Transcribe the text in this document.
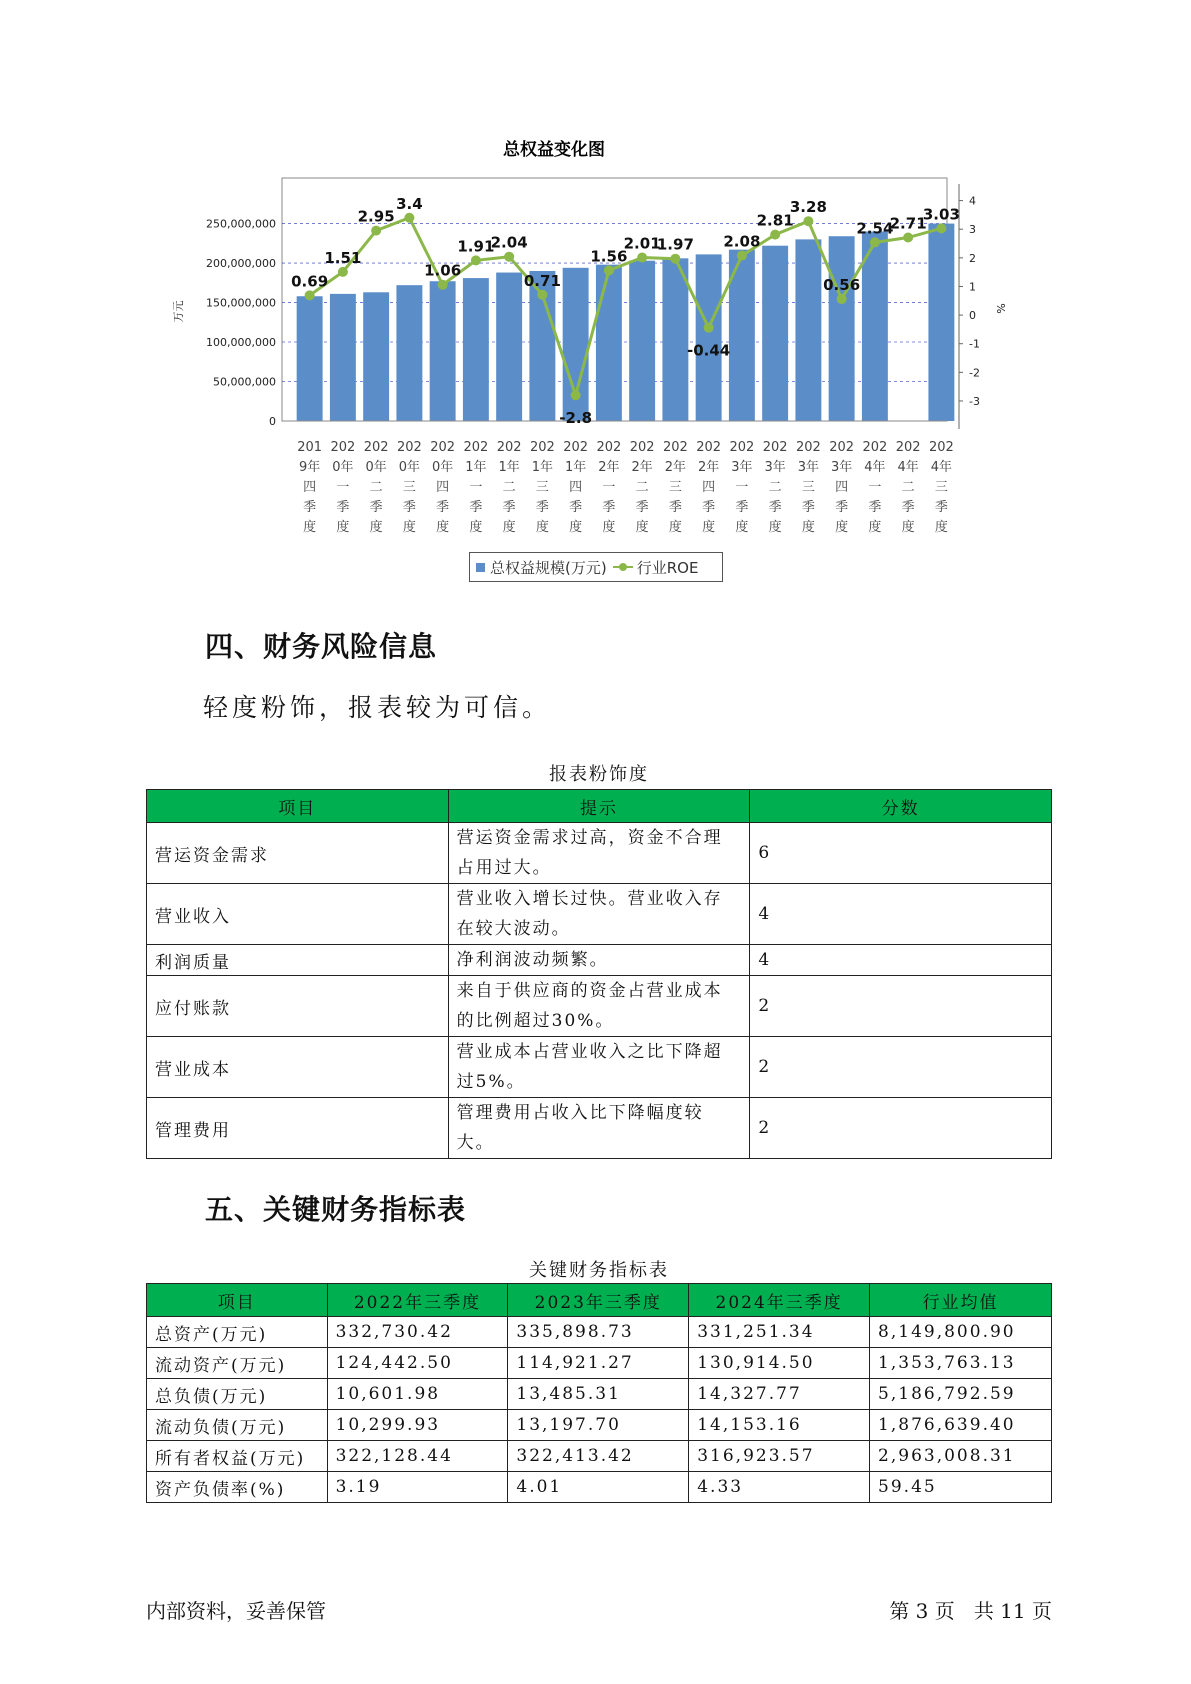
总权益变化图
0
50,000,000
100,000,000
150,000,000
200,000,000
250,000,000
万元
-3
-2
-1
0
1
2
3
4
%
0.69
1.51
2.95
3.4
1.06
1.91
2.04
0.71
-2.8
1.56
2.01
1.97
-0.44
2.08
2.81
3.28
0.56
2.54
2.71
3.03
201
9年
四
季
度
202
0年
一
季
度
202
0年
二
季
度
202
0年
三
季
度
202
0年
四
季
度
202
1年
一
季
度
202
1年
二
季
度
202
1年
三
季
度
202
1年
四
季
度
202
2年
一
季
度
202
2年
二
季
度
202
2年
三
季
度
202
2年
四
季
度
202
3年
一
季
度
202
3年
二
季
度
202
3年
三
季
度
202
3年
四
季
度
202
4年
一
季
度
202
4年
二
季
度
202
4年
三
季
度
总权益规模(万元) 行业ROE
四、财务风险信息
轻度粉饰，报表较为可信。
报表粉饰度
项目	提示	分数
营运资金需求	营运资金需求过高，资金不合理占用过大。	6
营业收入	营业收入增长过快。营业收入存在较大波动。	4
利润质量	净利润波动频繁。	4
应付账款	来自于供应商的资金占营业成本的比例超过30%。	2
营业成本	营业成本占营业收入之比下降超过5%。	2
管理费用	管理费用占收入比下降幅度较大。	2
五、关键财务指标表
关键财务指标表
项目	2022年三季度	2023年三季度	2024年三季度	行业均值
总资产(万元)	332,730.42	335,898.73	331,251.34	8,149,800.90
流动资产(万元)	124,442.50	114,921.27	130,914.50	1,353,763.13
总负债(万元)	10,601.98	13,485.31	14,327.77	5,186,792.59
流动负债(万元)	10,299.93	13,197.70	14,153.16	1,876,639.40
所有者权益(万元)	322,128.44	322,413.42	316,923.57	2,963,008.31
资产负债率(%)	3.19	4.01	4.33	59.45
内部资料，妥善保管	第 3 页   共 11 页
